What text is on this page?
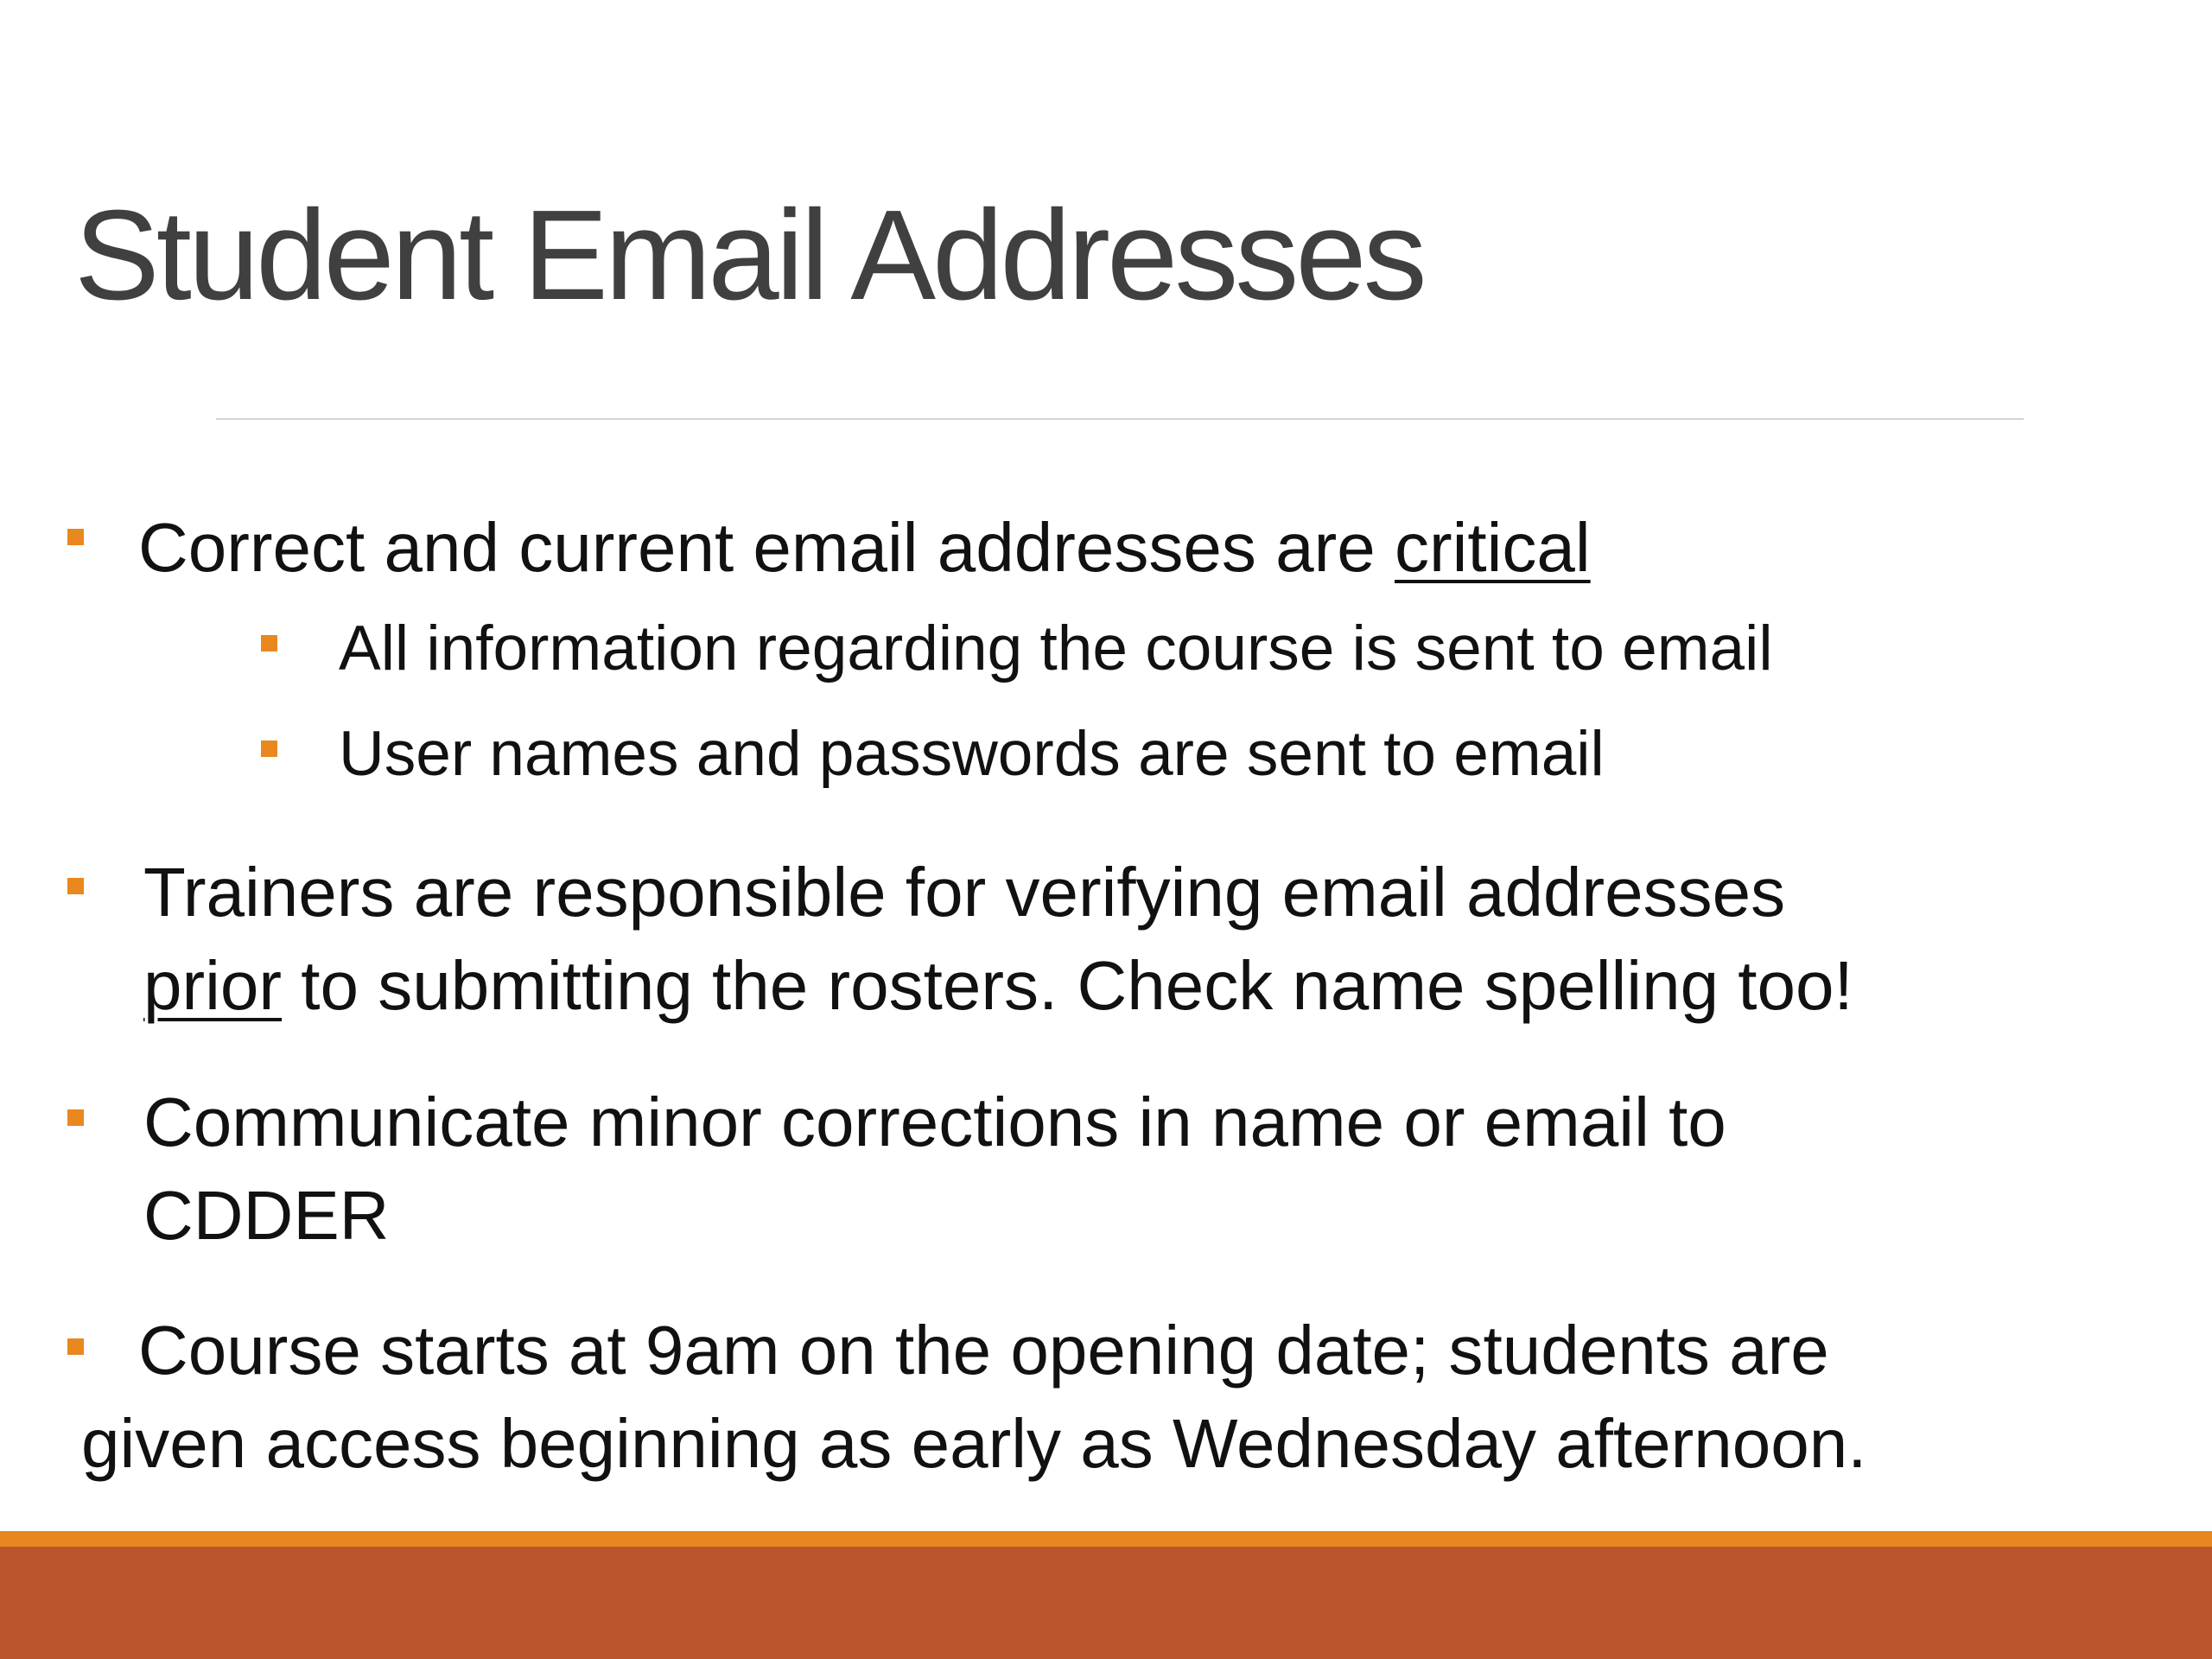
Student Email Addresses

Correct and current email addresses are critical

All information regarding the course is sent to email

User names and passwords are sent to email

Trainers are responsible for verifying email addresses

prior to submitting the rosters. Check name spelling too!

Communicate minor corrections in name or email to

CDDER

Course starts at 9am on the opening date; students are

given access beginning as early as Wednesday afternoon.
